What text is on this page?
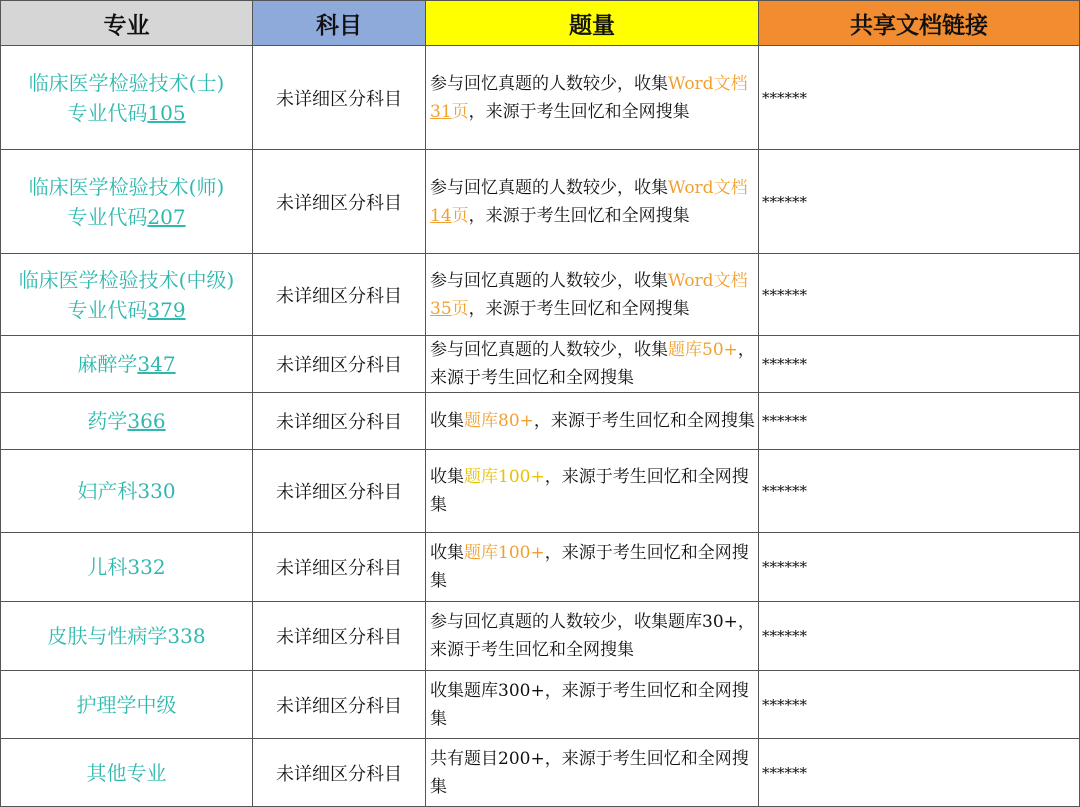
专业	科目	题量	共享文档链接

临床医学检验技术(士)
专业代码105	未详细区分科目	参与回忆真题的人数较少，收集Word文档31页，来源于考生回忆和全网搜集	******

临床医学检验技术(师)
专业代码207	未详细区分科目	参与回忆真题的人数较少，收集Word文档14页，来源于考生回忆和全网搜集	******

临床医学检验技术(中级)
专业代码379	未详细区分科目	参与回忆真题的人数较少，收集Word文档35页，来源于考生回忆和全网搜集	******
麻醉学347	未详细区分科目	参与回忆真题的人数较少，收集题库50+，来源于考生回忆和全网搜集	******
药学366	未详细区分科目	收集题库80+，来源于考生回忆和全网搜集	******
妇产科330	未详细区分科目	收集题库100+，来源于考生回忆和全网搜集	******
儿科332	未详细区分科目	收集题库100+，来源于考生回忆和全网搜集	******
皮肤与性病学338	未详细区分科目	参与回忆真题的人数较少，收集题库30+，来源于考生回忆和全网搜集	******
护理学中级	未详细区分科目	收集题库300+，来源于考生回忆和全网搜集	******
其他专业	未详细区分科目	共有题目200+，来源于考生回忆和全网搜集	******
